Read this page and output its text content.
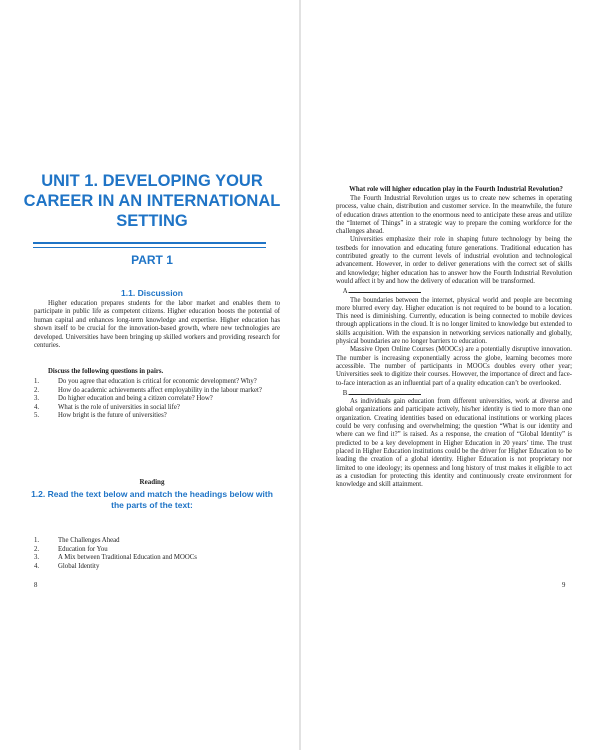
UNIT 1. DEVELOPING YOUR CAREER IN AN INTERNATIONAL SETTING
PART 1
1.1. Discussion

Higher education prepares students for the labor market and enables them to participate in public life as competent citizens. Higher education boosts the potential of human capital and enhances long-term knowledge and expertise. Higher education has shown itself to be crucial for the innovation-based growth, where new technologies are developed. Universities have been bringing up skilled workers and providing research for centuries.

Discuss the following questions in pairs.

1.	Do you agree that education is critical for economic development? Why?
2.	How do academic achievements affect employability in the labour market?
3.	Do higher education and being a citizen correlate? How?
4.	What is the role of universities in social life?
5.	How bright is the future of universities?

Reading

1.2. Read the text below and match the headings below with the parts of the text:
1.	The Challenges Ahead
2.	Education for You
3.	A Mix between Traditional Education and MOOCs
4.	Global Identity
8
What role will higher education play in the Fourth Industrial Revolution?

The Fourth Industrial Revolution urges us to create new schemes in operating process, value chain, distribution and customer service. In the meanwhile, the future of education draws attention to the enormous need to anticipate these areas and utilize the “Internet of Things” in a strategic way to prepare the coming workforce for the challenges ahead.

Universities emphasize their role in shaping future technology by being the testbeds for innovation and educating future generations. Traditional education has contributed greatly to the current levels of industrial evolution and technological advancement. However, in order to deliver generations with the correct set of skills and knowledge; higher education has to answer how the Fourth Industrial Revolution would affect it by and how the delivery of education will be transformed.

A.

The boundaries between the internet, physical world and people are becoming more blurred every day. Higher education is not required to be bound to a location. This need is diminishing. Currently, education is being connected to mobile devices through applications in the cloud. It is no longer limited to knowledge but extended to skills acquisition. With the expansion in networking services nationally and globally, physical boundaries are no longer barriers to education.

Massive Open Online Courses (MOOCs) are a potentially disruptive innovation. The number is increasing exponentially across the globe, learning becomes more accessible. The number of participants in MOOCs doubles every other year; Universities seek to digitize their courses. However, the importance of direct and face-to-face interaction as an influential part of a quality education can’t be overlooked.

B.

As individuals gain education from different universities, work at diverse and global organizations and participate actively, his/her identity is tied to more than one organization. Creating identities based on educational institutions or working places could be very confusing and overwhelming; the question “What is our identity and where can we find it?” is raised. As a response, the creation of “Global Identity” is predicted to be a key development in Higher Education in 20 years’ time. The trust placed in Higher Education institutions could be the driver for Higher Education to be leading the creation of a global identity. Higher Education is not proprietary nor limited to one ideology; its openness and long history of trust makes it eligible to act as a custodian for protecting this identity and continuously create environment for knowledge and skill attainment.

9
